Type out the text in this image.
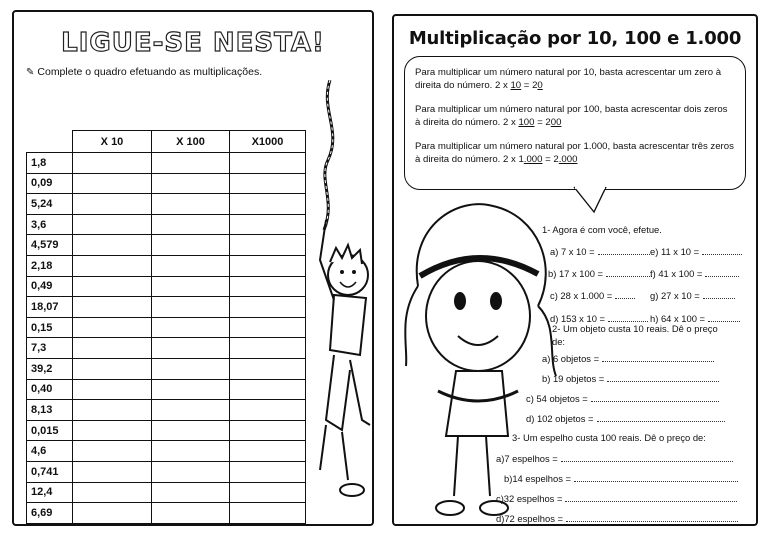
LIGUE-SE NESTA!
✎ Complete o quadro efetuando as multiplicações.
	X 10	X 100	X1000
1,8			
0,09			
5,24			
3,6			
4,579			
2,18			
0,49			
18,07			
0,15			
7,3			
39,2			
0,40			
8,13			
0,015			
4,6			
0,741			
12,4			
6,69			
Multiplicação por 10, 100 e 1.000

Para multiplicar um número natural por 10, basta acrescentar um zero à direita do número. 2 x 10 = 20

Para multiplicar um número natural por 100, basta acrescentar dois zeros à direita do número. 2 x 100 = 200

Para multiplicar um número natural por 1.000, basta acrescentar três zeros à direita do número. 2 x 1.000 = 2.000

1- Agora é com você, efetue.
a) 7 x 10 =	e) 11 x 10 =
b) 17 x 100 =	f) 41 x 100 =
c) 28 x 1.000 =	g) 27 x 10 =
d) 153 x 10 =	h) 64 x 100 =
2- Um objeto custa 10 reais. Dê o preço
de:
a) 6 objetos =
b) 19 objetos =
c) 54 objetos =
d) 102 objetos =
3- Um espelho custa 100 reais. Dê o preço de:
a)7 espelhos =
b)14 espelhos =
c)32 espelhos =
d)72 espelhos =
